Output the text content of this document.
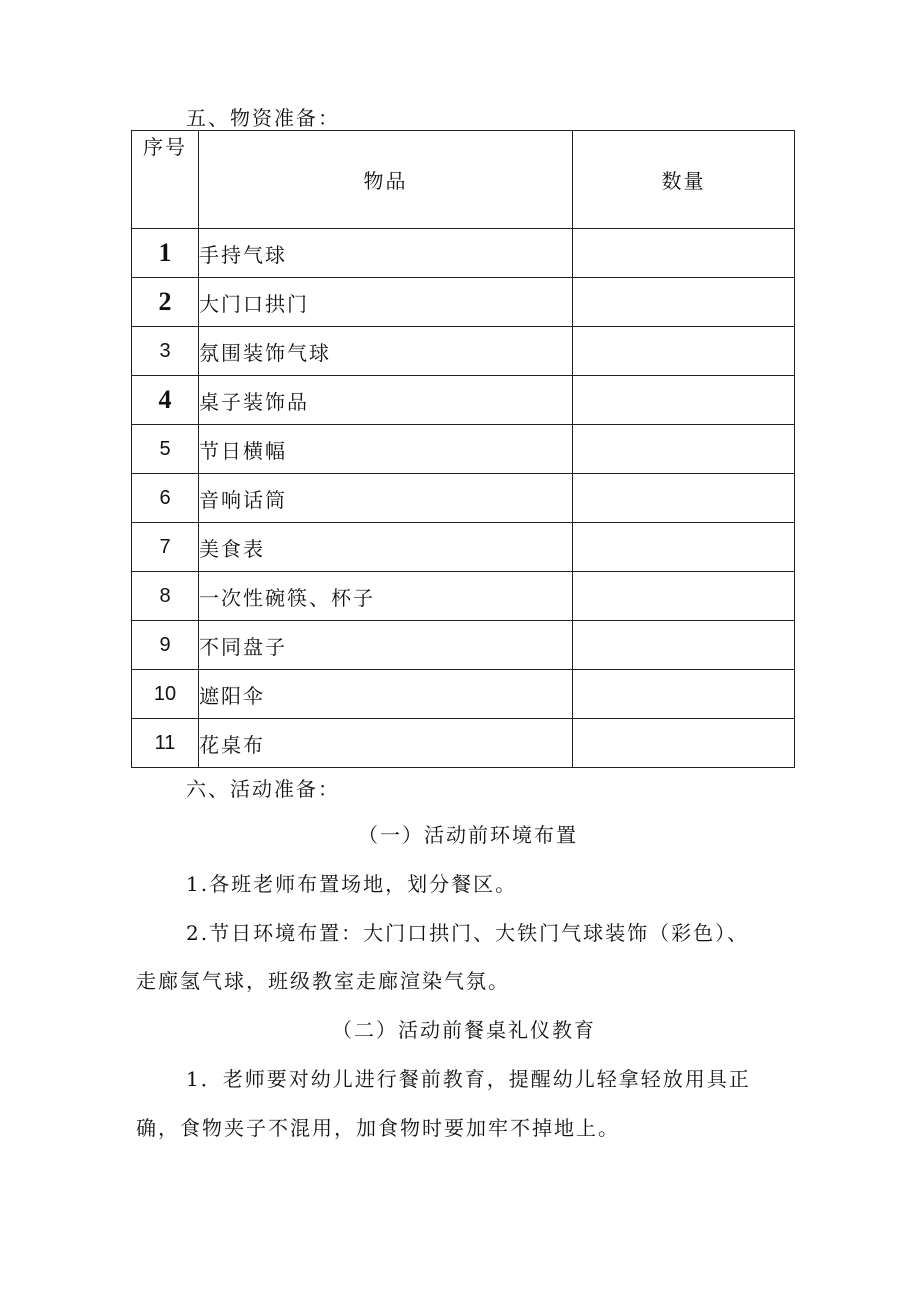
五、物资准备：
序号	物品	数量
1	手持气球	
2	大门口拱门	
3	氛围装饰气球	
4	桌子装饰品	
5	节日横幅	
6	音响话筒	
7	美食表	
8	一次性碗筷、杯子	
9	不同盘子	
10	遮阳伞	
11	花桌布	
六、活动准备：
（一）活动前环境布置
1.各班老师布置场地，划分餐区。
2.节日环境布置：大门口拱门、大铁门气球装饰（彩色）、
走廊氢气球，班级教室走廊渲染气氛。
（二）活动前餐桌礼仪教育
1．老师要对幼儿进行餐前教育，提醒幼儿轻拿轻放用具正
确，食物夹子不混用，加食物时要加牢不掉地上。
